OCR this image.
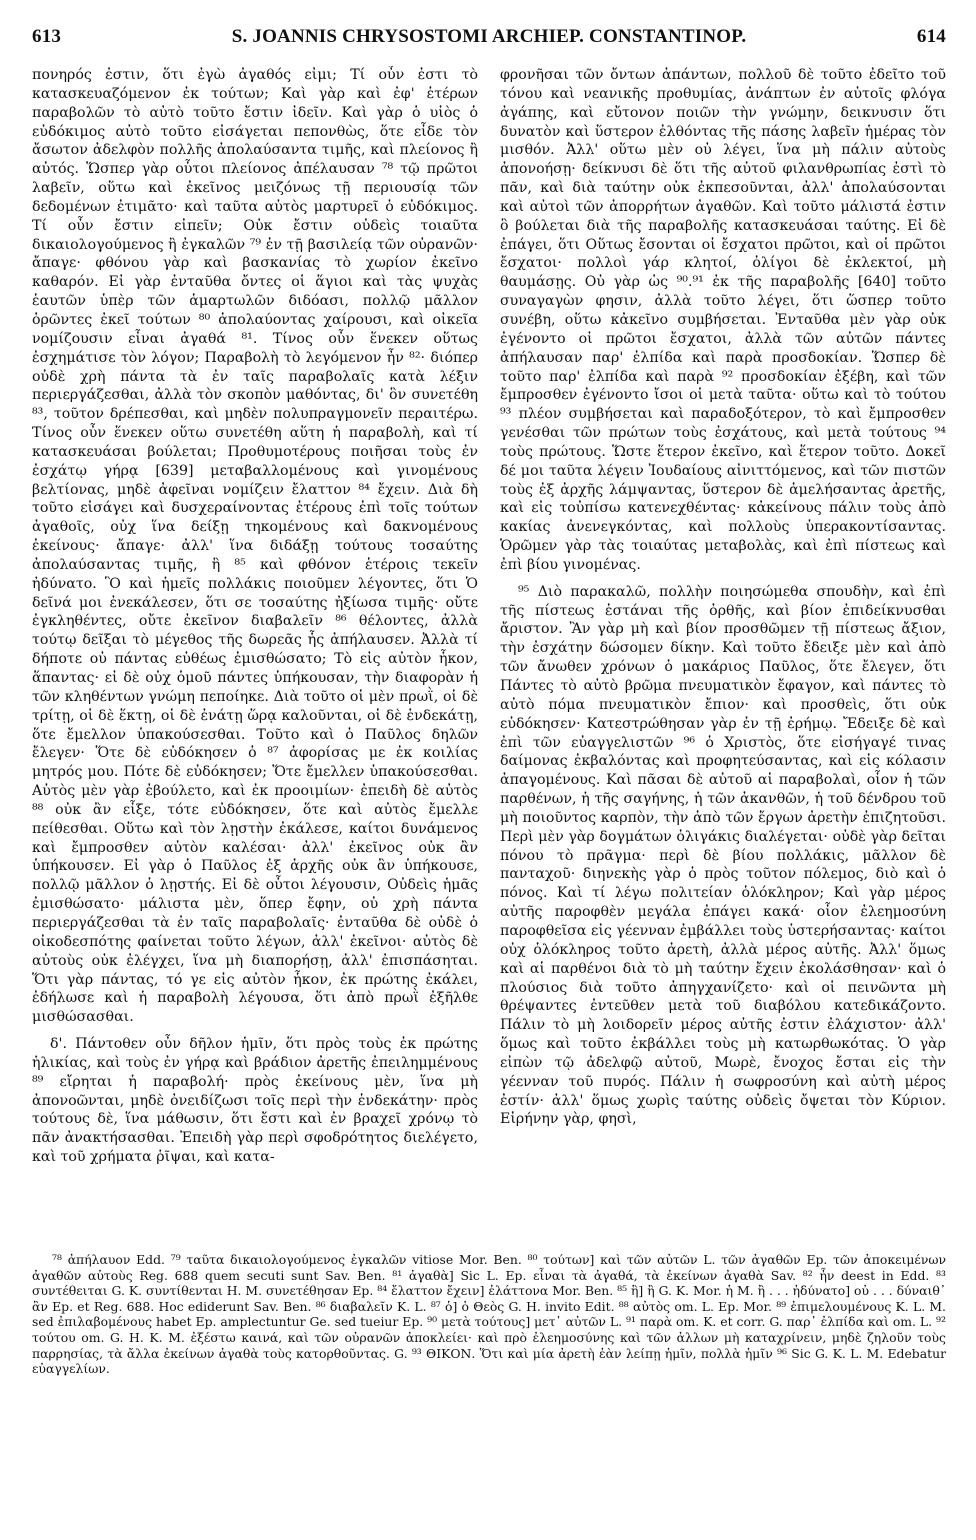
613	S. JOANNIS CHRYSOSTOMI ARCHIEP. CONSTANTINOP.	614

πονηρός ἐστιν, ὅτι ἐγὼ ἀγαθός εἰμι; Τί οὖν ἐστι τὸ κατασκευαζόμενον ἐκ τούτων; Καὶ γὰρ καὶ ἐφ' ἑτέρων παραβολῶν τὸ αὐτὸ τοῦτο ἔστιν ἰδεῖν. Καὶ γὰρ ὁ υἱὸς ὁ εὐδόκιμος αὐτὸ τοῦτο εἰσάγεται πεπονθὼς, ὅτε εἶδε τὸν ἄσωτον ἀδελφὸν πολλῆς ἀπολαύσαντα τιμῆς, καὶ πλείονος ἢ αὐτός. Ὥσπερ γὰρ οὗτοι πλείονος ἀπέλαυσαν ⁷⁸ τῷ πρῶτοι λαβεῖν, οὕτω καὶ ἐκεῖνος μειζόνως τῇ περιουσίᾳ τῶν δεδομένων ἐτιμᾶτο· καὶ ταῦτα αὐτὸς μαρτυρεῖ ὁ εὐδόκιμος. Τί οὖν ἔστιν εἰπεῖν; Οὐκ ἔστιν οὐδεὶς τοιαῦτα δικαιολογούμενος ἢ ἐγκαλῶν ⁷⁹ ἐν τῇ βασιλείᾳ τῶν οὐρανῶν· ἄπαγε· φθόνου γὰρ καὶ βασκανίας τὸ χωρίον ἐκεῖνο καθαρόν. Εἰ γὰρ ἐνταῦθα ὄντες οἱ ἅγιοι καὶ τὰς ψυχὰς ἑαυτῶν ὑπὲρ τῶν ἁμαρτωλῶν διδόασι, πολλῷ μᾶλλον ὁρῶντες ἐκεῖ τούτων ⁸⁰ ἀπολαύοντας χαίρουσι, καὶ οἰκεῖα νομίζουσιν εἶναι ἀγαθά ⁸¹. Τίνος οὖν ἕνεκεν οὕτως ἐσχημάτισε τὸν λόγον; Παραβολὴ τὸ λεγόμενον ἦν ⁸²· διόπερ οὐδὲ χρὴ πάντα τὰ ἐν ταῖς παραβολαῖς κατὰ λέξιν περιεργάζεσθαι, ἀλλὰ τὸν σκοπὸν μαθόντας, δι' ὃν συνετέθη ⁸³, τοῦτον δρέπεσθαι, καὶ μηδὲν πολυπραγμονεῖν περαιτέρω. Τίνος οὖν ἕνεκεν οὕτω συνετέθη αὕτη ἡ παραβολὴ, καὶ τί κατασκευάσαι βούλεται; Προθυμοτέρους ποιῆσαι τοὺς ἐν ἐσχάτῳ γήρᾳ [639] μεταβαλλομένους καὶ γινομένους βελτίονας, μηδὲ ἀφεῖναι νομίζειν ἔλαττον ⁸⁴ ἔχειν. Διὰ δὴ τοῦτο εἰσάγει καὶ δυσχεραίνοντας ἑτέρους ἐπὶ τοῖς τούτων ἀγαθοῖς, οὐχ ἵνα δείξῃ τηκομένους καὶ δακνομένους ἐκείνους· ἄπαγε· ἀλλ' ἵνα διδάξῃ τούτους τοσαύτης ἀπολαύσαντας τιμῆς, ἣ ⁸⁵ καὶ φθόνον ἑτέροις τεκεῖν ἠδύνατο. Ὃ καὶ ἡμεῖς πολλάκις ποιοῦμεν λέγοντες, ὅτι Ὁ δεῖνά μοι ἐνεκάλεσεν, ὅτι σε τοσαύτης ἠξίωσα τιμῆς· οὔτε ἐγκληθέντες, οὔτε ἐκεῖνον διαβαλεῖν ⁸⁶ θέλοντες, ἀλλὰ τούτῳ δεῖξαι τὸ μέγεθος τῆς δωρεᾶς ἧς ἀπήλαυσεν. Ἀλλὰ τί δήποτε οὐ πάντας εὐθέως ἐμισθώσατο; Τὸ εἰς αὐτὸν ἧκον, ἅπαντας· εἰ δὲ οὐχ ὁμοῦ πάντες ὑπήκουσαν, τὴν διαφορὰν ἡ τῶν κληθέντων γνώμη πεποίηκε. Διὰ τοῦτο οἱ μὲν πρωῒ, οἱ δὲ τρίτῃ, οἱ δὲ ἕκτῃ, οἱ δὲ ἐνάτῃ ὥρᾳ καλοῦνται, οἱ δὲ ἑνδεκάτῃ, ὅτε ἔμελλον ὑπακούσεσθαι. Τοῦτο καὶ ὁ Παῦλος δηλῶν ἔλεγεν· Ὅτε δὲ εὐδόκησεν ὁ ⁸⁷ ἀφορίσας με ἐκ κοιλίας μητρός μου. Πότε δὲ εὐδόκησεν; Ὅτε ἔμελλεν ὑπακούσεσθαι. Αὐτὸς μὲν γὰρ ἐβούλετο, καὶ ἐκ προοιμίων· ἐπειδὴ δὲ αὐτὸς ⁸⁸ οὐκ ἂν εἶξε, τότε εὐδόκησεν, ὅτε καὶ αὐτὸς ἔμελλε πείθεσθαι. Οὕτω καὶ τὸν λῃστὴν ἐκάλεσε, καίτοι δυνάμενος καὶ ἔμπροσθεν αὐτὸν καλέσαι· ἀλλ' ἐκεῖνος οὐκ ἂν ὑπήκουσεν. Εἰ γὰρ ὁ Παῦλος ἐξ ἀρχῆς οὐκ ἂν ὑπήκουσε, πολλῷ μᾶλλον ὁ λῃστής. Εἰ δὲ οὗτοι λέγουσιν, Οὐδεὶς ἡμᾶς ἐμισθώσατο· μάλιστα μὲν, ὅπερ ἔφην, οὐ χρὴ πάντα περιεργάζεσθαι τὰ ἐν ταῖς παραβολαῖς· ἐνταῦθα δὲ οὐδὲ ὁ οἰκοδεσπότης φαίνεται τοῦτο λέγων, ἀλλ' ἐκεῖνοι· αὐτὸς δὲ αὐτοὺς οὐκ ἐλέγχει, ἵνα μὴ διαπορήσῃ, ἀλλ' ἐπισπάσηται. Ὅτι γὰρ πάντας, τό γε εἰς αὐτὸν ἧκον, ἐκ πρώτης ἐκάλει, ἐδήλωσε καὶ ἡ παραβολὴ λέγουσα, ὅτι ἀπὸ πρωῒ ἐξῆλθε μισθώσασθαι.

δ'. Πάντοθεν οὖν δῆλον ἡμῖν, ὅτι πρὸς τοὺς ἐκ πρώτης ἡλικίας, καὶ τοὺς ἐν γήρᾳ καὶ βράδιον ἀρετῆς ἐπειλημμένους ⁸⁹ εἴρηται ἡ παραβολή· πρὸς ἐκείνους μὲν, ἵνα μὴ ἀπονοῶνται, μηδὲ ὀνειδίζωσι τοῖς περὶ τὴν ἑνδεκάτην· πρὸς τούτους δὲ, ἵνα μάθωσιν, ὅτι ἔστι καὶ ἐν βραχεῖ χρόνῳ τὸ πᾶν ἀνακτήσασθαι. Ἐπειδὴ γὰρ περὶ σφοδρότητος διελέγετο, καὶ τοῦ χρήματα ῥῖψαι, καὶ κατα-

φρονῆσαι τῶν ὄντων ἁπάντων, πολλοῦ δὲ τοῦτο ἐδεῖτο τοῦ τόνου καὶ νεανικῆς προθυμίας, ἀνάπτων ἐν αὐτοῖς φλόγα ἀγάπης, καὶ εὔτονον ποιῶν τὴν γνώμην, δεικνυσιν ὅτι δυνατὸν καὶ ὕστερον ἐλθόντας τῆς πάσης λαβεῖν ἡμέρας τὸν μισθόν. Ἀλλ' οὕτω μὲν οὐ λέγει, ἵνα μὴ πάλιν αὐτοὺς ἀπονοήσῃ· δείκνυσι δὲ ὅτι τῆς αὐτοῦ φιλανθρωπίας ἐστὶ τὸ πᾶν, καὶ διὰ ταύτην οὐκ ἐκπεσοῦνται, ἀλλ' ἀπολαύσονται καὶ αὐτοὶ τῶν ἀπορρήτων ἀγαθῶν. Καὶ τοῦτο μάλιστά ἐστιν ὃ βούλεται διὰ τῆς παραβολῆς κατασκευάσαι ταύτης. Εἰ δὲ ἐπάγει, ὅτι Οὕτως ἔσονται οἱ ἔσχατοι πρῶτοι, καὶ οἱ πρῶτοι ἔσχατοι· πολλοὶ γάρ κλητοί, ὀλίγοι δὲ ἐκλεκτοί, μὴ θαυμάσῃς. Οὐ γὰρ ὡς ⁹⁰.⁹¹ ἐκ τῆς παραβολῆς [640] τοῦτο συναγαγὼν φησιν, ἀλλὰ τοῦτο λέγει, ὅτι ὥσπερ τοῦτο συνέβη, οὕτω κἀκεῖνο συμβήσεται. Ἐνταῦθα μὲν γὰρ οὐκ ἐγένοντο οἱ πρῶτοι ἔσχατοι, ἀλλὰ τῶν αὐτῶν πάντες ἀπήλαυσαν παρ' ἐλπίδα καὶ παρὰ προσδοκίαν. Ὥσπερ δὲ τοῦτο παρ' ἐλπίδα καὶ παρὰ ⁹² προσδοκίαν ἐξέβη, καὶ τῶν ἔμπροσθεν ἐγένοντο ἴσοι οἱ μετὰ ταῦτα· οὕτω καὶ τὸ τούτου ⁹³ πλέον συμβήσεται καὶ παραδοξότερον, τὸ καὶ ἔμπροσθεν γενέσθαι τῶν πρώτων τοὺς ἐσχάτους, καὶ μετὰ τούτους ⁹⁴ τοὺς πρώτους. Ὥστε ἕτερον ἐκεῖνο, καὶ ἕτερον τοῦτο. Δοκεῖ δέ μοι ταῦτα λέγειν Ἰουδαίους αἰνιττόμενος, καὶ τῶν πιστῶν τοὺς ἐξ ἀρχῆς λάμψαντας, ὕστερον δὲ ἀμελήσαντας ἀρετῆς, καὶ εἰς τοὐπίσω κατενεχθέντας· κἀκείνους πάλιν τοὺς ἀπὸ κακίας ἀνενεγκόντας, καὶ πολλοὺς ὑπερακοντίσαντας. Ὁρῶμεν γὰρ τὰς τοιαύτας μεταβολὰς, καὶ ἐπὶ πίστεως καὶ ἐπὶ βίου γινομένας.

⁹⁵ Διὸ παρακαλῶ, πολλὴν ποιησώμεθα σπουδὴν, καὶ ἐπὶ τῆς πίστεως ἑστάναι τῆς ὀρθῆς, καὶ βίον ἐπιδείκνυσθαι ἄριστον. Ἂν γὰρ μὴ καὶ βίον προσθῶμεν τῇ πίστεως ἄξιον, τὴν ἐσχάτην δώσομεν δίκην. Καὶ τοῦτο ἔδειξε μὲν καὶ ἀπὸ τῶν ἄνωθεν χρόνων ὁ μακάριος Παῦλος, ὅτε ἔλεγεν, ὅτι Πάντες τὸ αὐτὸ βρῶμα πνευματικὸν ἔφαγον, καὶ πάντες τὸ αὐτὸ πόμα πνευματικὸν ἔπιον· καὶ προσθεὶς, ὅτι οὐκ εὐδόκησεν· Κατεστρώθησαν γὰρ ἐν τῇ ἐρήμῳ. Ἔδειξε δὲ καὶ ἐπὶ τῶν εὐαγγελιστῶν ⁹⁶ ὁ Χριστὸς, ὅτε εἰσήγαγέ τινας δαίμονας ἐκβαλόντας καὶ προφητεύσαντας, καὶ εἰς κόλασιν ἀπαγομένους. Καὶ πᾶσαι δὲ αὐτοῦ αἱ παραβολαὶ, οἷον ἡ τῶν παρθένων, ἡ τῆς σαγήνης, ἡ τῶν ἀκανθῶν, ἡ τοῦ δένδρου τοῦ μὴ ποιοῦντος καρπὸν, τὴν ἀπὸ τῶν ἔργων ἀρετὴν ἐπιζητοῦσι. Περὶ μὲν γὰρ δογμάτων ὀλιγάκις διαλέγεται· οὐδὲ γὰρ δεῖται πόνου τὸ πρᾶγμα· περὶ δὲ βίου πολλάκις, μᾶλλον δὲ πανταχοῦ· διηνεκὴς γὰρ ὁ πρὸς τοῦτον πόλεμος, διὸ καὶ ὁ πόνος. Καὶ τί λέγω πολιτείαν ὁλόκληρον; Καὶ γὰρ μέρος αὐτῆς παροφθὲν μεγάλα ἐπάγει κακά· οἷον ἐλεημοσύνη παροφθεῖσα εἰς γέενναν ἐμβάλλει τοὺς ὑστερήσαντας· καίτοι οὐχ ὁλόκληρος τοῦτο ἀρετὴ, ἀλλὰ μέρος αὐτῆς. Ἀλλ' ὅμως καὶ αἱ παρθένοι διὰ τὸ μὴ ταύτην ἔχειν ἐκολάσθησαν· καὶ ὁ πλούσιος διὰ τοῦτο ἀπηγχανίζετο· καὶ οἱ πεινῶντα μὴ θρέψαντες ἐντεῦθεν μετὰ τοῦ διαβόλου κατεδικάζοντο. Πάλιν τὸ μὴ λοιδορεῖν μέρος αὐτῆς ἐστιν ἐλάχιστον· ἀλλ' ὅμως καὶ τοῦτο ἐκβάλλει τοὺς μὴ κατωρθωκότας. Ὁ γὰρ εἰπὼν τῷ ἀδελφῷ αὐτοῦ, Μωρὲ, ἔνοχος ἔσται εἰς τὴν γέενναν τοῦ πυρός. Πάλιν ἡ σωφροσύνη καὶ αὐτὴ μέρος ἐστίν· ἀλλ' ὅμως χωρὶς ταύτης οὐδεὶς ὄψεται τὸν Κύριον. Εἰρήνην γὰρ, φησὶ,

⁷⁸ ἀπήλαυον Edd. ⁷⁹ ταῦτα δικαιολογούμενος ἐγκαλῶν vitiose Mor. Ben. ⁸⁰ τούτων] καὶ τῶν αὐτῶν L. τῶν ἀγαθῶν Ep. τῶν ἀποκειμένων ἀγαθῶν αὐτοὺς Reg. 688 quem secuti sunt Sav. Ben. ⁸¹ ἀγαθὰ] Sic L. Ep. εἶναι τὰ ἀγαθά, τὰ ἐκείνων ἀγαθὰ Sav. ⁸² ἦν deest in Edd. ⁸³ συντέθειται G. K. συντίθενται H. M. συνετέθησαν Ep. ⁸⁴ ἔλαττον ἔχειν] ἐλάττονα Mor. Ben. ⁸⁵ ἣ] ἢ G. K. Mor. ἡ M. ἢ . . . ἠδύνατο] οὐ . . . δύναιθ᾽ ἂν Ep. et Reg. 688. Hoc ediderunt Sav. Ben. ⁸⁶ διαβαλεῖν K. L. ⁸⁷ ὁ] ὁ Θεὸς G. H. invito Edit. ⁸⁸ αὐτὸς om. L. Ep. Mor. ⁸⁹ ἐπιμελουμένους K. L. M. sed ἐπιλαβομένους habet Ep. amplectuntur Ge. sed tueiur Ep. ⁹⁰ μετὰ τούτους] μετ᾽ αὐτῶν L. ⁹¹ παρὰ om. K. et corr. G. παρ᾽ ἐλπίδα καὶ om. L. ⁹² τούτου om. G. H. K. M. ἐξέστω καινά, καὶ τῶν οὐρανῶν ἀποκλείει· καὶ πρὸ ἐλεημοσύνης καὶ τῶν ἀλλων μὴ καταχρίνειν, μηδὲ ζηλοῦν τοὺς παρρησίας, τὰ ἄλλα ἐκείνων ἀγαθὰ τοὺς κατορθοῦντας. G. ⁹³ ΘΙΚΟΝ. Ὅτι καὶ μία ἀρετὴ ἐὰν λείπῃ ἡμῖν, πολλὰ ἡμῖν ⁹⁶ Sic G. K. L. M. Edebatur εὐαγγελίων.
